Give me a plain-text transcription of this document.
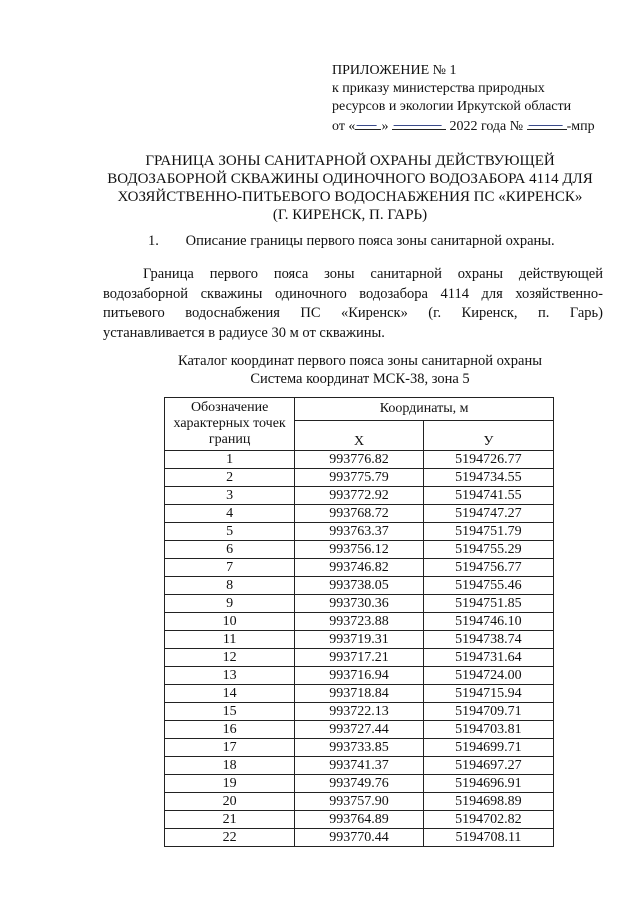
ПРИЛОЖЕНИЕ № 1
к приказу министерства природных
ресурсов и экологии Иркутской области
от « »	2022 года №	-мпр
ГРАНИЦА ЗОНЫ САНИТАРНОЙ ОХРАНЫ ДЕЙСТВУЮЩЕЙ
ВОДОЗАБОРНОЙ СКВАЖИНЫ ОДИНОЧНОГО ВОДОЗАБОРА 4114 ДЛЯ
ХОЗЯЙСТВЕННО-ПИТЬЕВОГО ВОДОСНАБЖЕНИЯ ПС «КИРЕНСК»
(Г. КИРЕНСК, П. ГАРЬ)
1. Описание границы первого пояса зоны санитарной охраны.
Граница первого пояса зоны санитарной охраны действующей
водозаборной скважины одиночного водозабора 4114 для хозяйственно-
питьевого водоснабжения ПС «Киренск» (г. Киренск, п. Гарь)
устанавливается в радиусе 30 м от скважины.
Каталог координат первого пояса зоны санитарной охраны
Система координат МСК-38, зона 5
Обозначение характерных точек границ	Координаты, м	
	X	У
1	993776.82	5194726.77
2	993775.79	5194734.55
3	993772.92	5194741.55
4	993768.72	5194747.27
5	993763.37	5194751.79
6	993756.12	5194755.29
7	993746.82	5194756.77
8	993738.05	5194755.46
9	993730.36	5194751.85
10	993723.88	5194746.10
11	993719.31	5194738.74
12	993717.21	5194731.64
13	993716.94	5194724.00
14	993718.84	5194715.94
15	993722.13	5194709.71
16	993727.44	5194703.81
17	993733.85	5194699.71
18	993741.37	5194697.27
19	993749.76	5194696.91
20	993757.90	5194698.89
21	993764.89	5194702.82
22	993770.44	5194708.11
